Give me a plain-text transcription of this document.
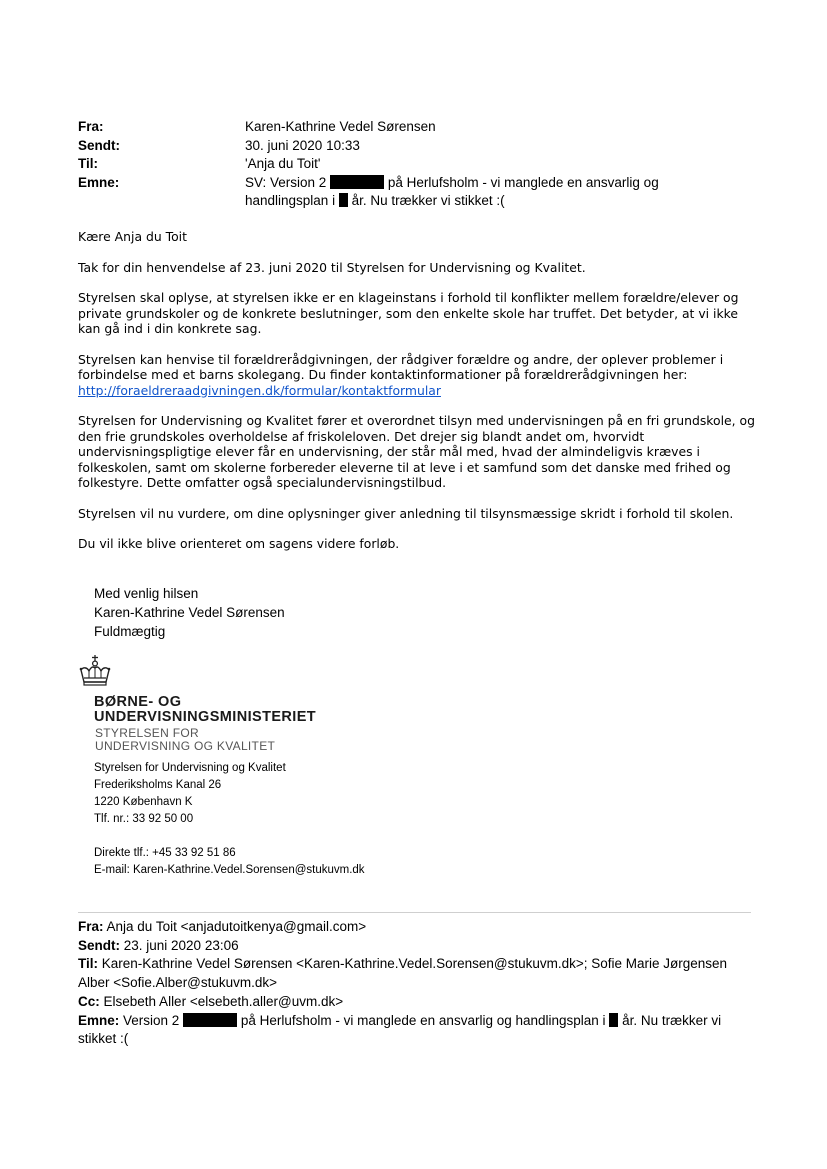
Fra:	Karen-Kathrine Vedel Sørensen
Sendt:	30. juni 2020 10:33
Til:	'Anja du Toit'
Emne:	SV: Version 2	på Herlufsholm - vi manglede en ansvarlig og handlingsplan i  år. Nu trækker vi stikket :(

Kære Anja du Toit

Tak for din henvendelse af 23. juni 2020 til Styrelsen for Undervisning og Kvalitet.

Styrelsen skal oplyse, at styrelsen ikke er en klageinstans i forhold til konflikter mellem forældre/elever og private grundskoler og de konkrete beslutninger, som den enkelte skole har truffet. Det betyder, at vi ikke kan gå ind i din konkrete sag.

Styrelsen kan henvise til forældrerådgivningen, der rådgiver forældre og andre, der oplever problemer i forbindelse med et barns skolegang. Du finder kontaktinformationer på forældrerådgivningen her:
http://foraeldreraadgivningen.dk/formular/kontaktformular

Styrelsen for Undervisning og Kvalitet fører et overordnet tilsyn med undervisningen på en fri grundskole, og den frie grundskoles overholdelse af friskoleloven. Det drejer sig blandt andet om, hvorvidt undervisningspligtige elever får en undervisning, der står mål med, hvad der almindeligvis kræves i folkeskolen, samt om skolerne forbereder eleverne til at leve i et samfund som det danske med frihed og folkestyre. Dette omfatter også specialundervisningstilbud.

Styrelsen vil nu vurdere, om dine oplysninger giver anledning til tilsynsmæssige skridt i forhold til skolen.

Du vil ikke blive orienteret om sagens videre forløb.

Med venlig hilsen
Karen-Kathrine Vedel Sørensen
Fuldmægtig
BØRNE- OG
UNDERVISNINGSMINISTERIET
STYRELSEN FOR
UNDERVISNING OG KVALITET
Styrelsen for Undervisning og Kvalitet
Frederiksholms Kanal 26
1220 København K
Tlf. nr.: 33 92 50 00
Direkte tlf.: +45 33 92 51 86
E-mail: Karen-Kathrine.Vedel.Sorensen@stukuvm.dk
Fra: Anja du Toit <anjadutoitkenya@gmail.com>
Sendt: 23. juni 2020 23:06
Til: Karen-Kathrine Vedel Sørensen <Karen-Kathrine.Vedel.Sorensen@stukuvm.dk>; Sofie Marie Jørgensen Alber <Sofie.Alber@stukuvm.dk>
Cc: Elsebeth Aller <elsebeth.aller@uvm.dk>
Emne: Version 2	på Herlufsholm - vi manglede en ansvarlig og handlingsplan i  år. Nu trækker vi stikket :(
